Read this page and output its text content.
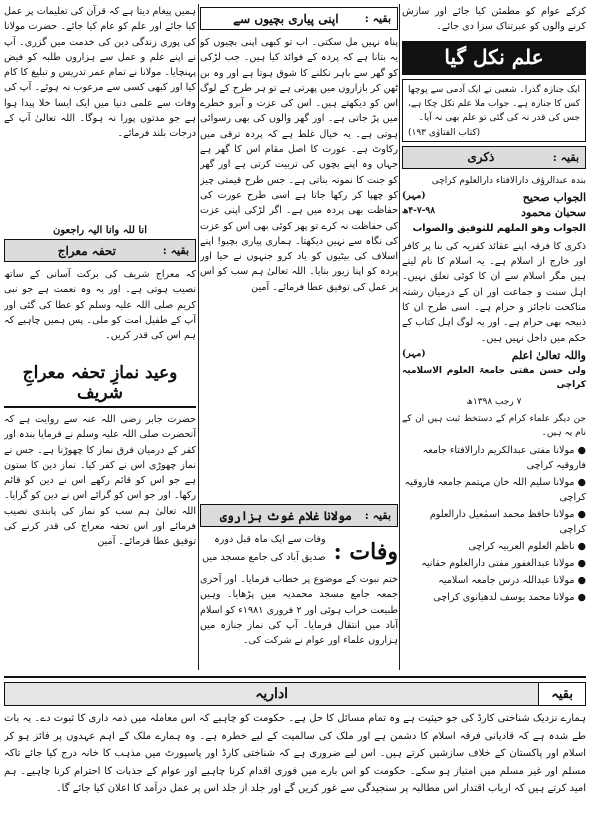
کرکے عوام کو مطمئن کیا جائے اور سازش کرنے والوں کو عبرتناک سزا دی جائے۔

علم نکل گیا

ایک جنازہ گذرا۔ شعبی نے ایک آدمی سے پوچھا کس کا جنازہ ہے۔ جواب ملا علم نکل چکا ہے، جس کی قدر نہ کی گئی تو علم بھی نہ آیا۔

(کتاب الفتاوٰی ۱۹۳)
بقیہ :
ذکری

بندہ عبدالرؤف دارالافتاء دارالعلوم کراچی

الجواب صحیح
(مہر)
سحبان محمود
۴-۷-۹۸ھ

الجواب وھو الملھم للتوفیق والصواب

ذکری کا فرقہ اپنے عقائد کفریہ کی بنا پر کافر اور خارج از اسلام ہے۔ یہ اسلام کا نام لیتے ہیں مگر اسلام سے ان کا کوئی تعلق نہیں۔ اہل سنت و جماعت اور ان کے درمیان رشتہ مناکحت ناجائز و حرام ہے۔ اسی طرح ان کا ذبیحہ بھی حرام ہے۔ اور یہ لوگ اہل کتاب کے حکم میں داخل نہیں ہیں۔

واللہ تعالیٰ اعلم
(مہر)

ولی حسن مفتی جامعۃ العلوم الاسلامیہ کراچی

۷ رجب ۱۳۹۸ھ

جن دیگر علماء کرام کے دستخط ثبت ہیں ان کے نام یہ ہیں۔

● مولانا مفتی عبدالکریم دارالافتاء جامعہ فاروقیہ کراچی

● مولانا سلیم اللہ خان مہتمم جامعہ فاروقیہ کراچی

● مولانا حافظ محمد اسمٰعیل دارالعلوم کراچی

● ناظم العلوم العربیہ کراچی

● مولانا عبدالغفور مفتی دارالعلوم حقانیہ

● مولانا عبداللہ درس جامعہ اسلامیہ

● مولانا محمد یوسف لدھیانوی کراچی

بقیہ :
اپنی پیاری بچیوں سے

پناہ نہیں مل سکتی۔ اب تو کبھی اپنی بچیوں کو یہ بتانا ہے کہ پردہ کے فوائد کیا ہیں۔ جب لڑکی کو گھر سے باہر نکلنے کا شوق ہوتا ہے اور وہ بن ٹھن کر بازاروں میں پھرتی ہے تو ہر طرح کے لوگ اس کو دیکھتے ہیں۔ اس کی عزت و آبرو خطرے میں پڑ جاتی ہے۔ اور گھر والوں کی بھی رسوائی ہوتی ہے۔ یہ خیال غلط ہے کہ پردہ ترقی میں رکاوٹ ہے۔ عورت کا اصل مقام اس کا گھر ہے جہاں وہ اپنے بچوں کی تربیت کرتی ہے اور گھر کو جنت کا نمونہ بناتی ہے۔ جس طرح قیمتی چیز کو چھپا کر رکھا جاتا ہے اسی طرح عورت کی حفاظت بھی پردہ میں ہے۔ اگر لڑکی اپنی عزت کی حفاظت نہ کرے تو پھر کوئی بھی اس کو عزت کی نگاہ سے نہیں دیکھتا۔ ہماری پیاری بچیو! اپنے اسلاف کی بیٹیوں کو یاد کرو جنہوں نے حیا اور پردہ کو اپنا زیور بنایا۔ اللہ تعالیٰ ہم سب کو اس پر عمل کی توفیق عطا فرمائے۔ آمین

بقیہ :
مولانا غلام غوث ہزاروی
وفات :

وفات سے ایک ماہ قبل دورہ

صدیق آباد کی جامع مسجد میں

ختم نبوت کے موضوع پر خطاب فرمایا۔ اور آخری جمعہ جامع مسجد محمدیہ میں پڑھایا۔ وہیں طبیعت خراب ہوئی اور ۲ فروری ۱۹۸۱ء کو اسلام آباد میں انتقال فرمایا۔ آپ کی نماز جنازہ میں ہزاروں علماء اور عوام نے شرکت کی۔

ہمیں پیغام دیتا ہے کہ قرآن کی تعلیمات پر عمل کیا جائے اور علم کو عام کیا جائے۔ حضرت مولانا کی پوری زندگی دین کی خدمت میں گزری۔ آپ نے اپنے علم و عمل سے ہزاروں طلبہ کو فیض پہنچایا۔ مولانا نے تمام عمر تدریس و تبلیغ کا کام کیا اور کبھی کسی سے مرعوب نہ ہوئے۔ آپ کی وفات سے علمی دنیا میں ایک ایسا خلا پیدا ہوا ہے جو مدتوں پورا نہ ہوگا۔ اللہ تعالیٰ آپ کے درجات بلند فرمائے۔

انا للہ وانا الیہ راجعون

بقیہ :
تحفہ معراج

کہ معراج شریف کی برکت آسانی کے ساتھ نصیب ہوتی ہے۔ اور یہ وہ نعمت ہے جو نبی کریم صلی اللہ علیہ وسلم کو عطا کی گئی اور آپ کے طفیل امت کو ملی۔ پس ہمیں چاہیے کہ ہم اس کی قدر کریں۔

وعید نمازِ تحفہ معراجِ شریف

حضرت جابر رضی اللہ عنہ سے روایت ہے کہ آنحضرت صلی اللہ علیہ وسلم نے فرمایا بندہ اور کفر کے درمیان فرق نماز کا چھوڑنا ہے۔ جس نے نماز چھوڑی اس نے کفر کیا۔ نماز دین کا ستون ہے جو اس کو قائم رکھے اس نے دین کو قائم رکھا۔ اور جو اس کو گرائے اس نے دین کو گرایا۔ اللہ تعالیٰ ہم سب کو نماز کی پابندی نصیب فرمائے اور اس تحفہ معراج کی قدر کرنے کی توفیق عطا فرمائے۔ آمین

بقیہ
اداریہ

ہمارے نزدیک شناختی کارڈ کی جو حیثیت ہے وہ تمام مسائل کا حل ہے۔ حکومت کو چاہیے کہ اس معاملہ میں ذمہ داری کا ثبوت دے۔ یہ بات طے شدہ ہے کہ قادیانی فرقہ اسلام کا دشمن ہے اور ملک کی سالمیت کے لیے خطرہ ہے۔ وہ ہمارے ملک کے اہم عہدوں پر فائز ہو کر اسلام اور پاکستان کے خلاف سازشیں کرتے ہیں۔ اس لیے ضروری ہے کہ شناختی کارڈ اور پاسپورٹ میں مذہب کا خانہ درج کیا جائے تاکہ مسلم اور غیر مسلم میں امتیاز ہو سکے۔ حکومت کو اس بارے میں فوری اقدام کرنا چاہیے اور عوام کے جذبات کا احترام کرنا چاہیے۔ ہم امید کرتے ہیں کہ ارباب اقتدار اس مطالبہ پر سنجیدگی سے غور کریں گے اور جلد از جلد اس پر عمل درآمد کا اعلان کیا جائے گا۔
